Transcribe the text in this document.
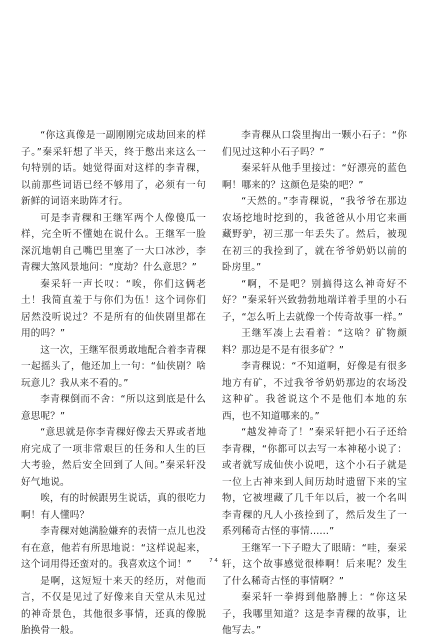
“你这真像是一副刚刚完成劫回来的样子。”秦采轩想了半天，终于憋出来这么一句特别的话。她觉得面对这样的李青稞，以前那些词语已经不够用了，必须有一句新鲜的词语来助阵才行。

可是李青稞和王继军两个人像傻瓜一样，完全听不懂她在说什么。王继军一脸深沉地朝自己嘴巴里塞了一大口冰沙，李青稞大煞风景地问：“度劫？什么意思？”

秦采轩一声长叹：“唉，你们这俩老土！我简直羞于与你们为伍！这个词你们居然没听说过？不是所有的仙侠剧里都在用的吗？”

这一次，王继军很勇敢地配合着李青稞一起摇头了，他还加上一句：“仙侠剧？啥玩意儿？我从来不看的。”

李青稞倒而不舍：“所以这到底是什么意思呢？”

“意思就是你李青稞好像去天界或者地府完成了一项非常艰巨的任务和人生的巨大考验，然后安全回到了人间。”秦采轩没好气地说。

唉，有的时候跟男生说话，真的很吃力啊！有人懂吗？

李青稞对她满脸嫌弃的表情一点儿也没有在意，他若有所思地说：“这样说起来，这个词用得还蛮对的。我喜欢这个词！”

是啊，这短短十来天的经历，对他而言，不仅是见过了好像来自天堂从未见过的神奇景色，其他很多事情，还真的像脱胎换骨一般。

李青稞从口袋里掏出一颗小石子：“你们见过这种小石子吗？”

秦采轩从他手里接过：“好漂亮的蓝色啊！哪来的？这颜色是染的吧？”

“天然的。”李青稞说，“我爷爷在那边农场挖地时挖到的，我爸爸从小用它来画藏野驴，初三那一年丢失了。然后，被现在初三的我捡到了，就在爷爷奶奶以前的卧房里。”

“啊，不是吧？别搞得这么神奇好不好？”秦采轩兴致勃勃地端详着手里的小石子，“怎么听上去就像一个传奇故事一样。”

王继军凑上去看着：“这啥？矿物颜料？那边是不是有很多矿？”

李青稞说：“不知道啊，好像是有很多地方有矿，不过我爷爷奶奶那边的农场没这种矿。我爸说这个不是他们本地的东西，也不知道哪来的。”

“越发神奇了！”秦采轩把小石子还给李青稞，“你都可以去写一本神秘小说了：或者就写成仙侠小说吧，这个小石子就是一位上古神来到人间历劫时遗留下来的宝物，它被埋藏了几千年以后，被一个名叫李青稞的凡人小孩捡到了，然后发生了一系列稀奇古怪的事情……”

王继军一下子瞪大了眼睛：“哇，秦采轩，这个故事感觉很棒啊！后来呢？发生了什么稀奇古怪的事情啊？”

秦采轩一拳拇到他胳膊上：“你这呆子，我哪里知道？这是李青稞的故事，让他写去。”

7 4
